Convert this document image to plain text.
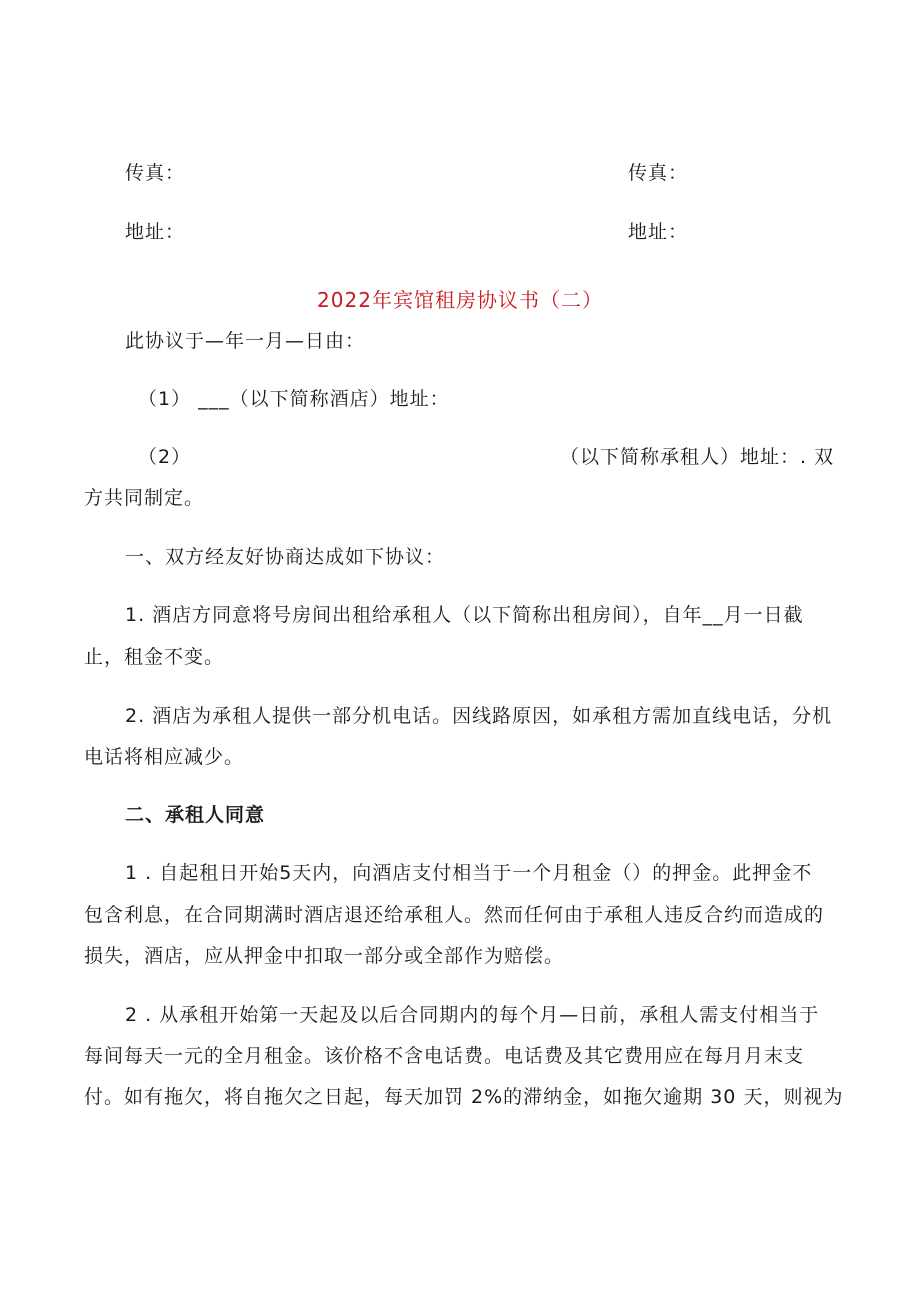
传真：	传真：
地址：	地址：
2022年宾馆租房协议书（二）
此协议于—年一月—日由：
（1） ___（以下简称酒店）地址：
（2）	（以下简称承租人）地址：. 双
方共同制定。
一、双方经友好协商达成如下协议：
1. 酒店方同意将号房间出租给承租人（以下简称出租房间），自年__月一日截
止，租金不变。
2. 酒店为承租人提供一部分机电话。因线路原因，如承租方需加直线电话，分机
电话将相应减少。
二、承租人同意
1 . 自起租日开始5天内，向酒店支付相当于一个月租金（）的押金。此押金不
包含利息，在合同期满时酒店退还给承租人。然而任何由于承租人违反合约而造成的
损失，酒店，应从押金中扣取一部分或全部作为赔偿。
2 . 从承租开始第一天起及以后合同期内的每个月—日前，承租人需支付相当于
每间每天一元的全月租金。该价格不含电话费。电话费及其它费用应在每月月末支
付。如有拖欠，将自拖欠之日起，每天加罚 2%的滞纳金，如拖欠逾期 30 天，则视为
